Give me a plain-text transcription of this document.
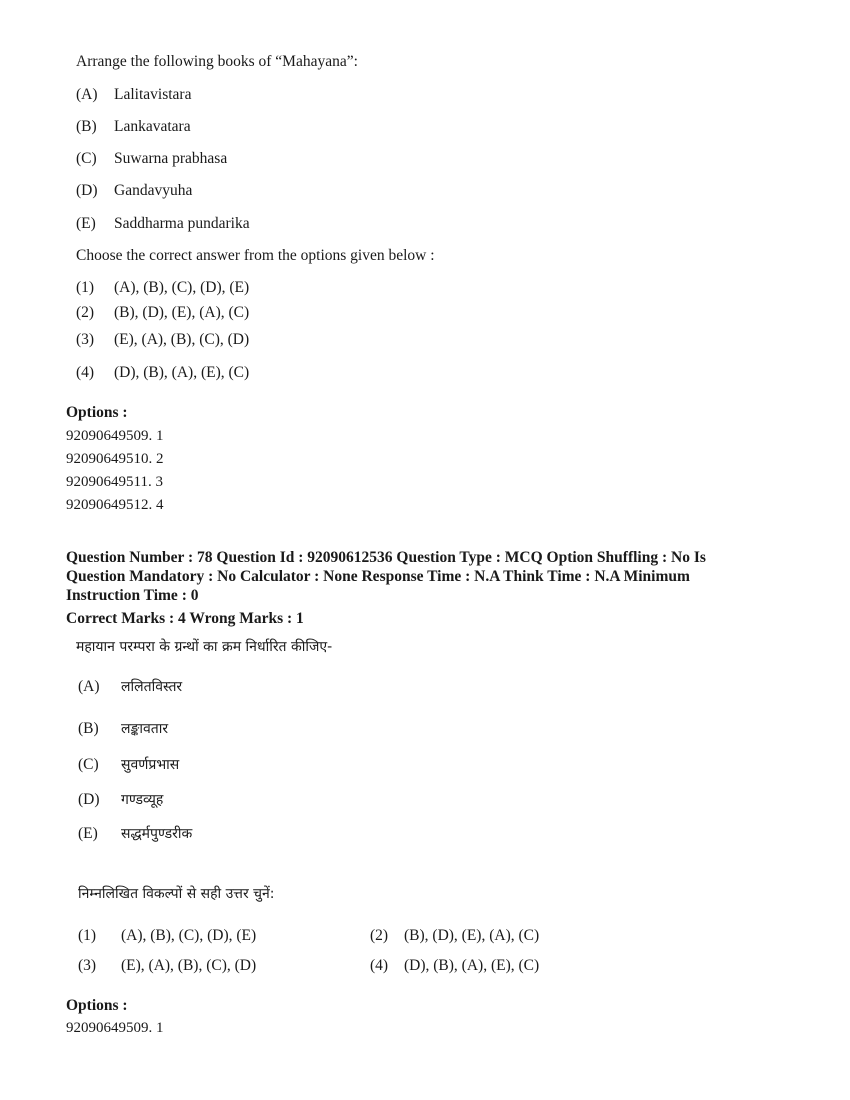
Arrange the following books of “Mahayana”:
(A) Lalitavistara
(B) Lankavatara
(C) Suwarna prabhasa
(D) Gandavyuha
(E) Saddharma pundarika
Choose the correct answer from the options given below :
(1) (A), (B), (C), (D), (E)
(2) (B), (D), (E), (A), (C)
(3) (E), (A), (B), (C), (D)
(4) (D), (B), (A), (E), (C)
Options :
92090649509. 1
92090649510. 2
92090649511. 3
92090649512. 4
Question Number : 78 Question Id : 92090612536 Question Type : MCQ Option Shuffling : No Is
Question Mandatory : No Calculator : None Response Time : N.A Think Time : N.A Minimum
Instruction Time : 0
Correct Marks : 4 Wrong Marks : 1
महायान परम्परा के ग्रन्थों का क्रम निर्धारित कीजिए-
(A) ललितविस्तर
(B) लङ्कावतार
(C) सुवर्णप्रभास
(D) गण्डव्यूह
(E) सद्धर्मपुण्डरीक
निम्नलिखित विकल्पों से सही उत्तर चुनें:
(1) (A), (B), (C), (D), (E)	(2) (B), (D), (E), (A), (C)
(3) (E), (A), (B), (C), (D)	(4) (D), (B), (A), (E), (C)
Options :
92090649509. 1
